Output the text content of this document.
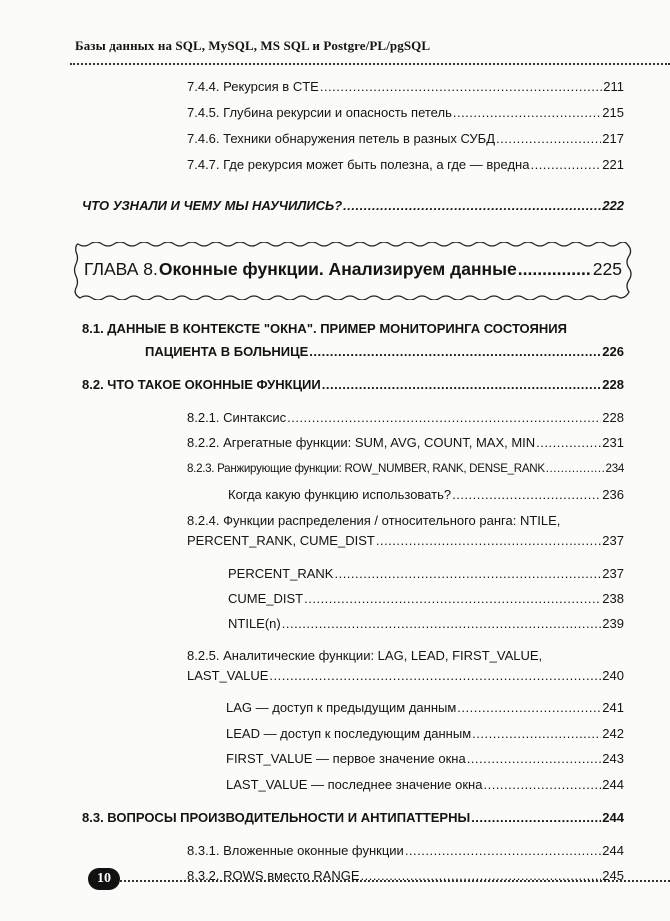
Базы данных на SQL, MySQL, MS SQL и Postgre/PL/pgSQL
7.4.4. Рекурсия в CTE .....	211
7.4.5. Глубина рекурсии и опасность петель .....	215
7.4.6. Техники обнаружения петель в разных СУБД .....	217
7.4.7. Где рекурсия может быть полезна, а где — вредна .....	221
ЧТО УЗНАЛИ И ЧЕМУ МЫ НАУЧИЛИСЬ? .....	222
ГЛАВА 8. Оконные функции. Анализируем данные .....	225
8.1. ДАННЫЕ В КОНТЕКСТЕ "ОКНА". ПРИМЕР МОНИТОРИНГА СОСТОЯНИЯ
ПАЦИЕНТА В БОЛЬНИЦЕ .....	226
8.2. ЧТО ТАКОЕ ОКОННЫЕ ФУНКЦИИ .....	228
8.2.1. Синтаксис .....	228
8.2.2. Агрегатные функции: SUM, AVG, COUNT, MAX, MIN .....	231
8.2.3. Ранжирующие функции: ROW_NUMBER, RANK, DENSE_RANK .....	234
Когда какую функцию использовать? .....	236
8.2.4. Функции распределения / относительного ранга: NTILE,
PERCENT_RANK, CUME_DIST .....	237
PERCENT_RANK .....	237
CUME_DIST .....	238
NTILE(n) .....	239
8.2.5. Аналитические функции: LAG, LEAD, FIRST_VALUE,
LAST_VALUE .....	240
LAG — доступ к предыдущим данным .....	241
LEAD — доступ к последующим данным .....	242
FIRST_VALUE — первое значение окна .....	243
LAST_VALUE — последнее значение окна .....	244
8.3. ВОПРОСЫ ПРОИЗВОДИТЕЛЬНОСТИ И АНТИПАТТЕРНЫ .....	244
8.3.1. Вложенные оконные функции .....	244
8.3.2. ROWS вместо RANGE .....	245
10
